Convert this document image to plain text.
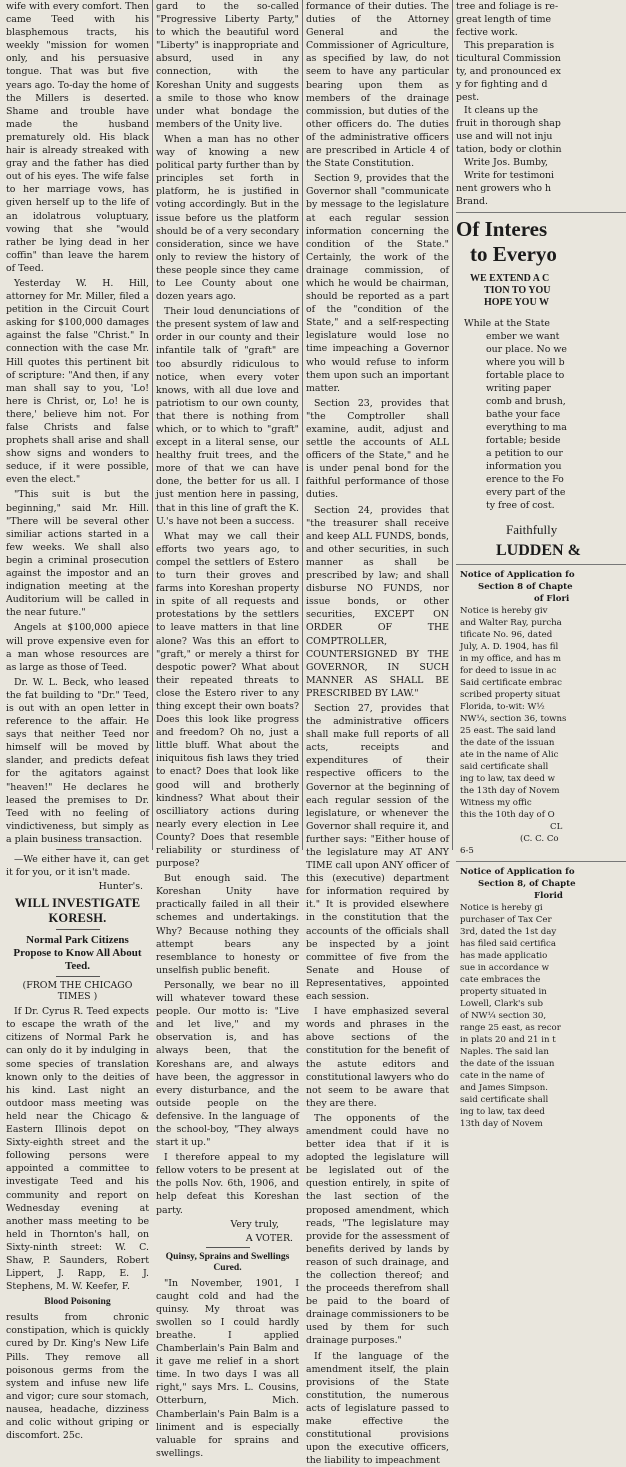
wife with every comfort. Then came Teed with his blasphemous tracts, his weekly "mission for women only, and his persuasive tongue. That was but five years ago. To-day the home of the Millers is deserted. Shame and trouble have made the husband prematurely old. His black hair is already streaked with gray and the father has died out of his eyes. The wife false to her marriage vows, has given herself up to the life of an idolatrous voluptuary, vowing that she "would rather be lying dead in her coffin" than leave the harem of Teed.

Yesterday W. H. Hill, attorney for Mr. Miller, filed a petition in the Circuit Court asking for $100,000 damages against the false "Christ." In connection with the case Mr. Hill quotes this pertinent bit of scripture: "And then, if any man shall say to you, 'Lo! here is Christ, or, Lo! he is there,' believe him not. For false Christs and false prophets shall arise and shall show signs and wonders to seduce, if it were possible, even the elect."

"This suit is but the beginning," said Mr. Hill. "There will be several other similiar actions started in a few weeks. We shall also begin a criminal prosecution against the impostor and an indignation meeting at the Auditorium will be called in the near future."

Angels at $100,000 apiece will prove expensive even for a man whose resources are as large as those of Teed.

Dr. W. L. Beck, who leased the fat building to "Dr." Teed, is out with an open letter in reference to the affair. He says that neither Teed nor himself will be moved by slander, and predicts defeat for the agitators against "heaven!" He declares he leased the premises to Dr. Teed with no feeling of vindictiveness, but simply as a plain business transaction.

—We either have it, can get it for you, or it isn't made.

Hunter's.
WILL INVESTIGATE KORESH.
Normal Park Citizens Propose to Know All About Teed.
(FROM THE CHICAGO TIMES )

If Dr. Cyrus R. Teed expects to escape the wrath of the citizens of Normal Park he can only do it by indulging in some species of translation known only to the deities of his kind. Last night an outdoor mass meeting was held near the Chicago & Eastern Illinois depot on Sixty-eighth street and the following persons were appointed a committee to investigate Teed and his community and report on Wednesday evening at another mass meeting to be held in Thornton's hall, on Sixty-ninth street: W. C. Shaw, P. Saunders, Robert Lippert, J. Rapp, E. J. Stephens, M. W. Keefer, F.

Blood Poisoning

results from chronic constipation, which is quickly cured by Dr. King's New Life Pills. They remove all poisonous germs from the system and infuse new life and vigor; cure sour stomach, nausea, headache, dizziness and colic without griping or discomfort. 25c.

gard to the so-called "Progressive Liberty Party," to which the beautiful word "Liberty" is inappropriate and absurd, used in any connection, with the Koreshan Unity and suggests a smile to those who know under what bondage the members of the Unity live.

When a man has no other way of knowing a new political party further than by principles set forth in platform, he is justified in voting accordingly. But in the issue before us the platform should be of a very secondary consideration, since we have only to review the history of these people since they came to Lee County about one dozen years ago.

Their loud denunciations of the present system of law and order in our county and their infantile talk of "graft" are too absurdly ridiculous to notice, when every voter knows, with all due love and patriotism to our own county, that there is nothing from which, or to which to "graft" except in a literal sense, our healthy fruit trees, and the more of that we can have done, the better for us all. I just mention here in passing, that in this line of graft the K. U.'s have not been a success.

What may we call their efforts two years ago, to compel the settlers of Estero to turn their groves and farms into Koreshan property in spite of all requests and protestations by the settlers to leave matters in that line alone? Was this an effort to "graft," or merely a thirst for despotic power? What about their repeated threats to close the Estero river to any thing except their own boats? Does this look like progress and freedom? Oh no, just a little bluff. What about the iniquitous fish laws they tried to enact? Does that look like good will and brotherly kindness? What about their oscilliatory actions during nearly every election in Lee County? Does that resemble reliability or sturdiness of purpose?

But enough said. The Koreshan Unity have practically failed in all their schemes and undertakings. Why? Because nothing they attempt bears any resemblance to honesty or unselfish public benefit.

Personally, we bear no ill will whatever toward these people. Our motto is: "Live and let live," and my observation is, and has always been, that the Koreshans are, and always have been, the aggressor in every disturbance, and the outside people on the defensive. In the language of the school-boy, "They always start it up."

I therefore appeal to my fellow voters to be present at the polls Nov. 6th, 1906, and help defeat this Koreshan party.

Very truly,
A VOTER.
Quinsy, Sprains and Swellings Cured.

"In November, 1901, I caught cold and had the quinsy. My throat was swollen so I could hardly breathe. I applied Chamberlain's Pain Balm and it gave me relief in a short time. In two days I was all right," says Mrs. L. Cousins, Otterburn, Mich. Chamberlain's Pain Balm is a liniment and is especially valuable for sprains and swellings.

formance of their duties. The duties of the Attorney General and the Commissioner of Agriculture, as specified by law, do not seem to have any particular bearing upon them as members of the drainage commission, but duties of the other officers do. The duties of the administrative officers are prescribed in Article 4 of the State Constitution.

Section 9, provides that the Governor shall "communicate by message to the legislature at each regular session information concerning the condition of the State." Certainly, the work of the drainage commission, of which he would be chairman, should be reported as a part of the "condition of the State," and a self-respecting legislature would lose no time impeaching a Governor who would refuse to inform them upon such an important matter.

Section 23, provides that "the Comptroller shall examine, audit, adjust and settle the accounts of ALL officers of the State," and he is under penal bond for the faithful performance of those duties.

Section 24, provides that "the treasurer shall receive and keep ALL FUNDS, bonds, and other securities, in such manner as shall be prescribed by law; and shall disburse NO FUNDS, nor issue bonds, or other securities, EXCEPT ON ORDER OF THE COMPTROLLER, COUNTERSIGNED BY THE GOVERNOR, IN SUCH MANNER AS SHALL BE PRESCRIBED BY LAW."

Section 27, provides that the administrative officers shall make full reports of all acts, receipts and expenditures of their respective officers to the Governor at the beginning of each regular session of the legislature, or whenever the Governor shall require it, and further says: "Either house of the legislature may AT ANY TIME call upon ANY officer of this (executive) department for information required by it." It is provided elsewhere in the constitution that the accounts of the officials shall be inspected by a joint committee of five from the Senate and House of Representatives, appointed each session.

I have emphasized several words and phrases in the above sections of the constitution for the benefit of the astute editors and constitutional lawyers who do not seem to be aware that they are there.

The opponents of the amendment could have no better idea that if it is adopted the legislature will be legislated out of the question entirely, in spite of the last section of the proposed amendment, which reads, "The legislature may provide for the assessment of benefits derived by lands by reason of such drainage, and the collection thereof; and the proceeds therefrom shall be paid to the board of drainage commissioners to be used by them for such drainage purposes."

If the language of the amendment itself, the plain provisions of the State constitution, the numerous acts of legislature passed to make effective the constitutional provisions upon the executive officers, the liability to impeachment

tree and foliage is re-
great length of time
fective work.
This preparation is
ticultural Commission
ty, and pronounced ex
y for fighting and d
pest.
It cleans up the
fruit in thorough shap
use and will not inju
tation, body or clothin
Write Jos. Bumby,
Write for testimoni
nent growers who h
Brand.
Of Interes
to Everyo
WE EXTEND A C
TION TO YOU
HOPE YOU W
While at the State
ember we want
our place. No we
where you will b
fortable place to
writing paper
comb and brush,
bathe your face
everything to ma
fortable; beside
a petition to our
information you
erence to the Fo
every part of the
ty free of cost.
Faithfully
LUDDEN &
Notice of Application fo
Section 8 of Chapte
of Flori
Notice is hereby giv
and Walter Ray, purcha
tificate No. 96, dated
July, A. D. 1904, has fil
in my office, and has m
for deed to issue in ac
Said certificate embrac
scribed property situat
Florida, to-wit: W½
NW¼, section 36, towns
25 east. The said land
the date of the issuan
ate in the name of Alic
said certificate shall
ing to law, tax deed w
the 13th day of Novem
Witness my offic
this the 10th day of O
CL
(C. C. Co
6-5
Notice of Application fo
Section 8, of Chapte
Florid
Notice is hereby gi
purchaser of Tax Cer
3rd, dated the 1st day
has filed said certifica
has made applicatio
sue in accordance w
cate embraces the
property situated in
Lowell, Clark's sub
of NW¼ section 30,
range 25 east, as recor
in plats 20 and 21 in t
Naples. The said lan
the date of the issuan
cate in the name of
and James Simpson.
said certificate shall
ing to law, tax deed
13th day of Novem
